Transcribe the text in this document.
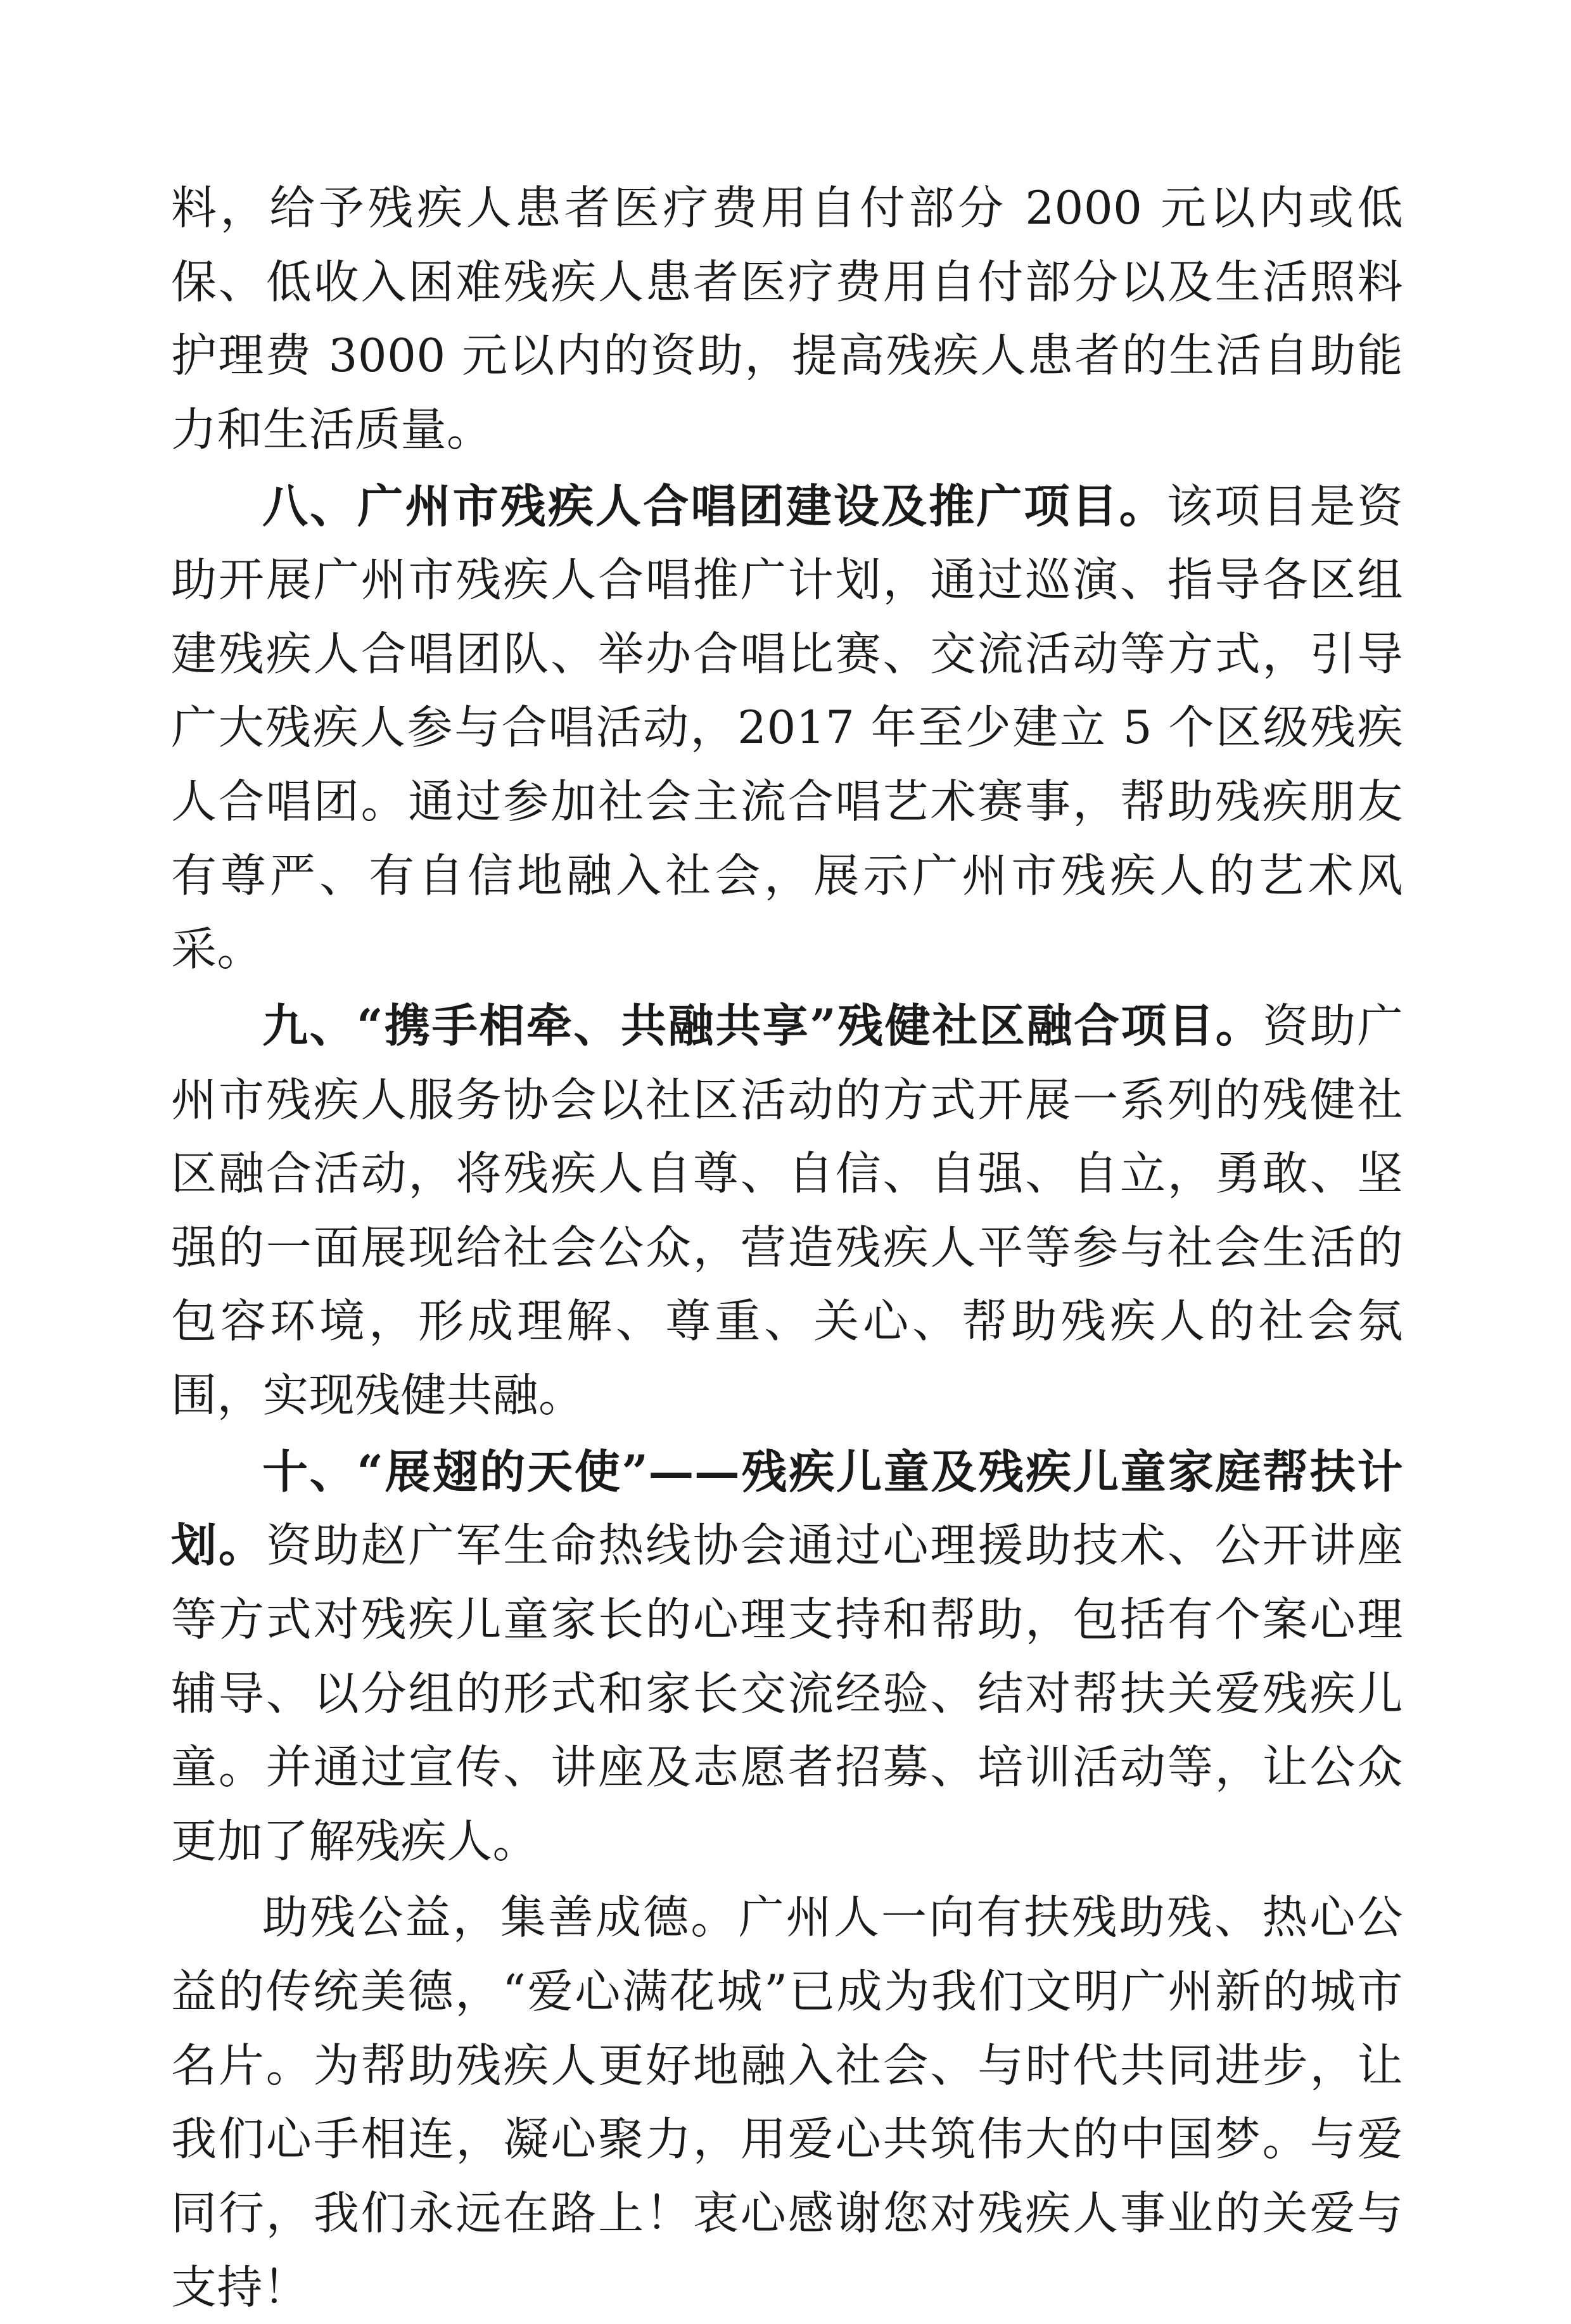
料，给予残疾人患者医疗费用自付部分 2000 元以内或低保、低收入困难残疾人患者医疗费用自付部分以及生活照料护理费 3000 元以内的资助，提高残疾人患者的生活自助能力和生活质量。

八、广州市残疾人合唱团建设及推广项目。该项目是资助开展广州市残疾人合唱推广计划，通过巡演、指导各区组建残疾人合唱团队、举办合唱比赛、交流活动等方式，引导广大残疾人参与合唱活动，2017 年至少建立 5 个区级残疾人合唱团。通过参加社会主流合唱艺术赛事，帮助残疾朋友有尊严、有自信地融入社会，展示广州市残疾人的艺术风采。

九、“携手相牵、共融共享”残健社区融合项目。资助广州市残疾人服务协会以社区活动的方式开展一系列的残健社区融合活动，将残疾人自尊、自信、自强、自立，勇敢、坚强的一面展现给社会公众，营造残疾人平等参与社会生活的包容环境，形成理解、尊重、关心、帮助残疾人的社会氛围，实现残健共融。

十、“展翅的天使”——残疾儿童及残疾儿童家庭帮扶计划。资助赵广军生命热线协会通过心理援助技术、公开讲座等方式对残疾儿童家长的心理支持和帮助，包括有个案心理辅导、以分组的形式和家长交流经验、结对帮扶关爱残疾儿童。并通过宣传、讲座及志愿者招募、培训活动等，让公众更加了解残疾人。

助残公益，集善成德。广州人一向有扶残助残、热心公益的传统美德，“爱心满花城”已成为我们文明广州新的城市名片。为帮助残疾人更好地融入社会、与时代共同进步，让我们心手相连，凝心聚力，用爱心共筑伟大的中国梦。与爱同行，我们永远在路上！衷心感谢您对残疾人事业的关爱与支持！
